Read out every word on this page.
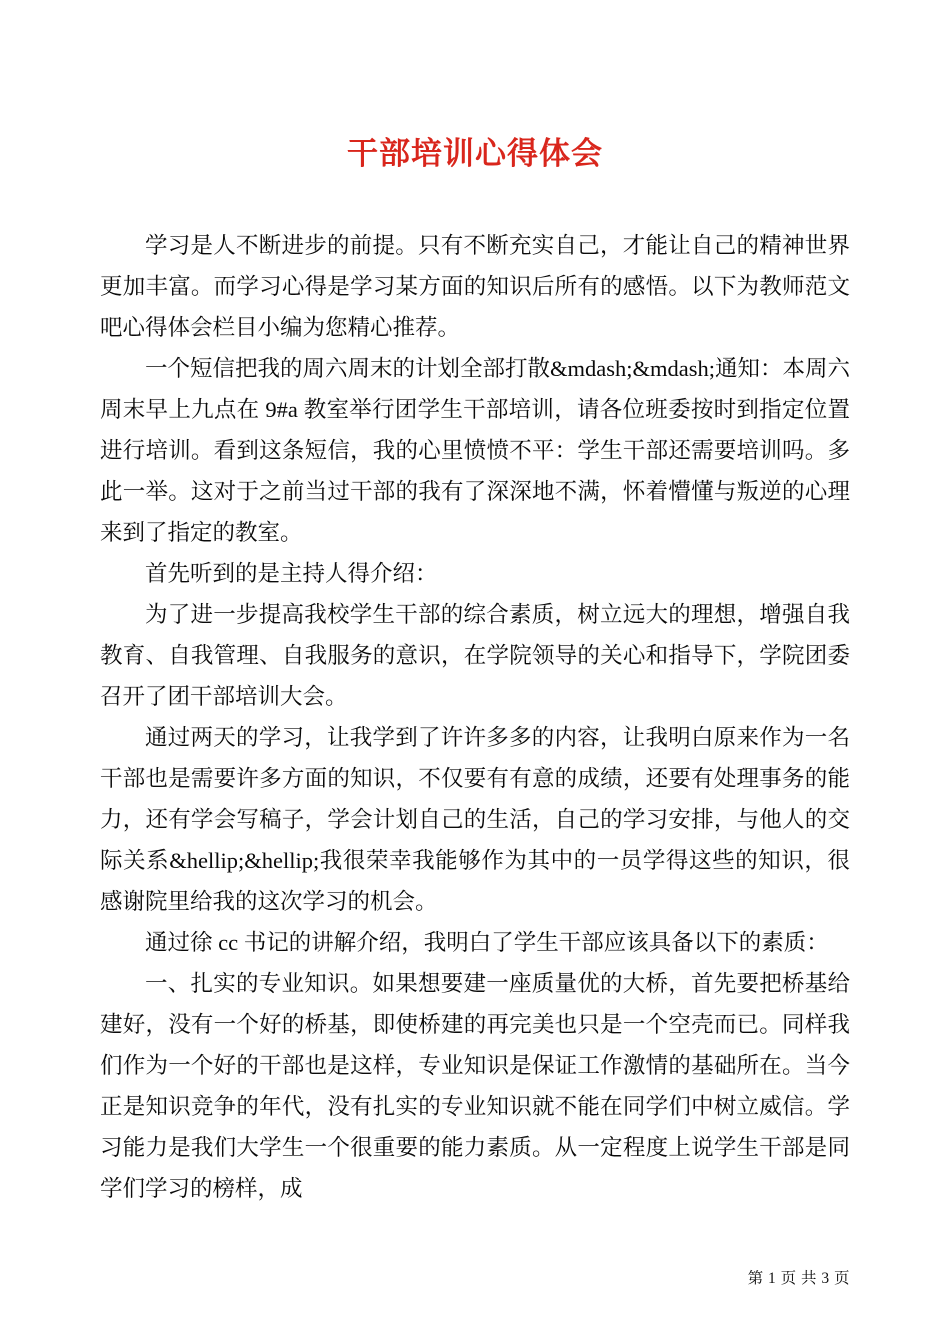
干部培训心得体会

学习是人不断进步的前提。只有不断充实自己，才能让自己的精神世界更加丰富。而学习心得是学习某方面的知识后所有的感悟。以下为教师范文吧心得体会栏目小编为您精心推荐。

一个短信把我的周六周末的计划全部打散&mdash;&mdash;通知：本周六周末早上九点在 9#a 教室举行团学生干部培训，请各位班委按时到指定位置进行培训。看到这条短信，我的心里愤愤不平：学生干部还需要培训吗。多此一举。这对于之前当过干部的我有了深深地不满，怀着懵懂与叛逆的心理来到了指定的教室。

首先听到的是主持人得介绍：

为了进一步提高我校学生干部的综合素质，树立远大的理想，增强自我教育、自我管理、自我服务的意识，在学院领导的关心和指导下，学院团委召开了团干部培训大会。

通过两天的学习，让我学到了许许多多的内容，让我明白原来作为一名干部也是需要许多方面的知识，不仅要有有意的成绩，还要有处理事务的能力，还有学会写稿子，学会计划自己的生活，自己的学习安排，与他人的交际关系&hellip;&hellip;我很荣幸我能够作为其中的一员学得这些的知识，很感谢院里给我的这次学习的机会。

通过徐 cc 书记的讲解介绍，我明白了学生干部应该具备以下的素质：

一、扎实的专业知识。如果想要建一座质量优的大桥，首先要把桥基给建好，没有一个好的桥基，即使桥建的再完美也只是一个空壳而已。同样我们作为一个好的干部也是这样，专业知识是保证工作激情的基础所在。当今正是知识竞争的年代，没有扎实的专业知识就不能在同学们中树立威信。学习能力是我们大学生一个很重要的能力素质。从一定程度上说学生干部是同学们学习的榜样，成

第 1 页 共 3 页
